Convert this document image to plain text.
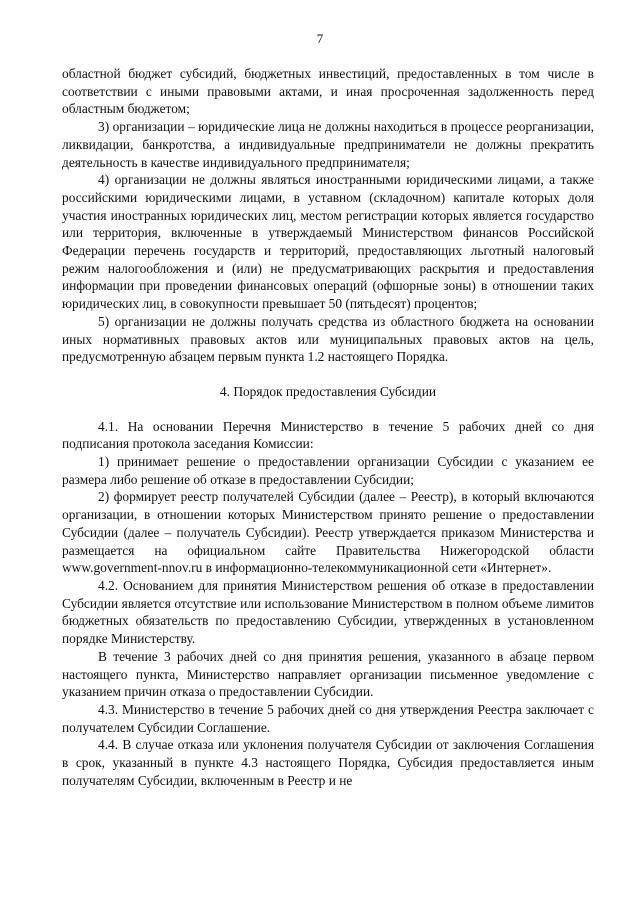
7

областной бюджет субсидий, бюджетных инвестиций, предоставленных в том числе в соответствии с иными правовыми актами, и иная просроченная задолженность перед областным бюджетом;

3) организации – юридические лица не должны находиться в процессе реорганизации, ликвидации, банкротства, а индивидуальные предприниматели не должны прекратить деятельность в качестве индивидуального предпринимателя;

4) организации не должны являться иностранными юридическими лицами, а также российскими юридическими лицами, в уставном (складочном) капитале которых доля участия иностранных юридических лиц, местом регистрации которых является государство или территория, включенные в утверждаемый Министерством финансов Российской Федерации перечень государств и территорий, предоставляющих льготный налоговый режим налогообложения и (или) не предусматривающих раскрытия и предоставления информации при проведении финансовых операций (офшорные зоны) в отношении таких юридических лиц, в совокупности превышает 50 (пятьдесят) процентов;

5) организации не должны получать средства из областного бюджета на основании иных нормативных правовых актов или муниципальных правовых актов на цель, предусмотренную абзацем первым пункта 1.2 настоящего Порядка.

4. Порядок предоставления Субсидии

4.1. На основании Перечня Министерство в течение 5 рабочих дней со дня подписания протокола заседания Комиссии:

1) принимает решение о предоставлении организации Субсидии с указанием ее размера либо решение об отказе в предоставлении Субсидии;

2) формирует реестр получателей Субсидии (далее – Реестр), в который включаются организации, в отношении которых Министерством принято решение о предоставлении Субсидии (далее – получатель Субсидии). Реестр утверждается приказом Министерства и размещается на официальном сайте Правительства Нижегородской области www.government-nnov.ru в информационно-телекоммуникационной сети «Интернет».

4.2. Основанием для принятия Министерством решения об отказе в предоставлении Субсидии является отсутствие или использование Министерством в полном объеме лимитов бюджетных обязательств по предоставлению Субсидии, утвержденных в установленном порядке Министерству.

В течение 3 рабочих дней со дня принятия решения, указанного в абзаце первом настоящего пункта, Министерство направляет организации письменное уведомление с указанием причин отказа о предоставлении Субсидии.

4.3. Министерство в течение 5 рабочих дней со дня утверждения Реестра заключает с получателем Субсидии Соглашение.

4.4. В случае отказа или уклонения получателя Субсидии от заключения Соглашения в срок, указанный в пункте 4.3 настоящего Порядка, Субсидия предоставляется иным получателям Субсидии, включенным в Реестр и не
